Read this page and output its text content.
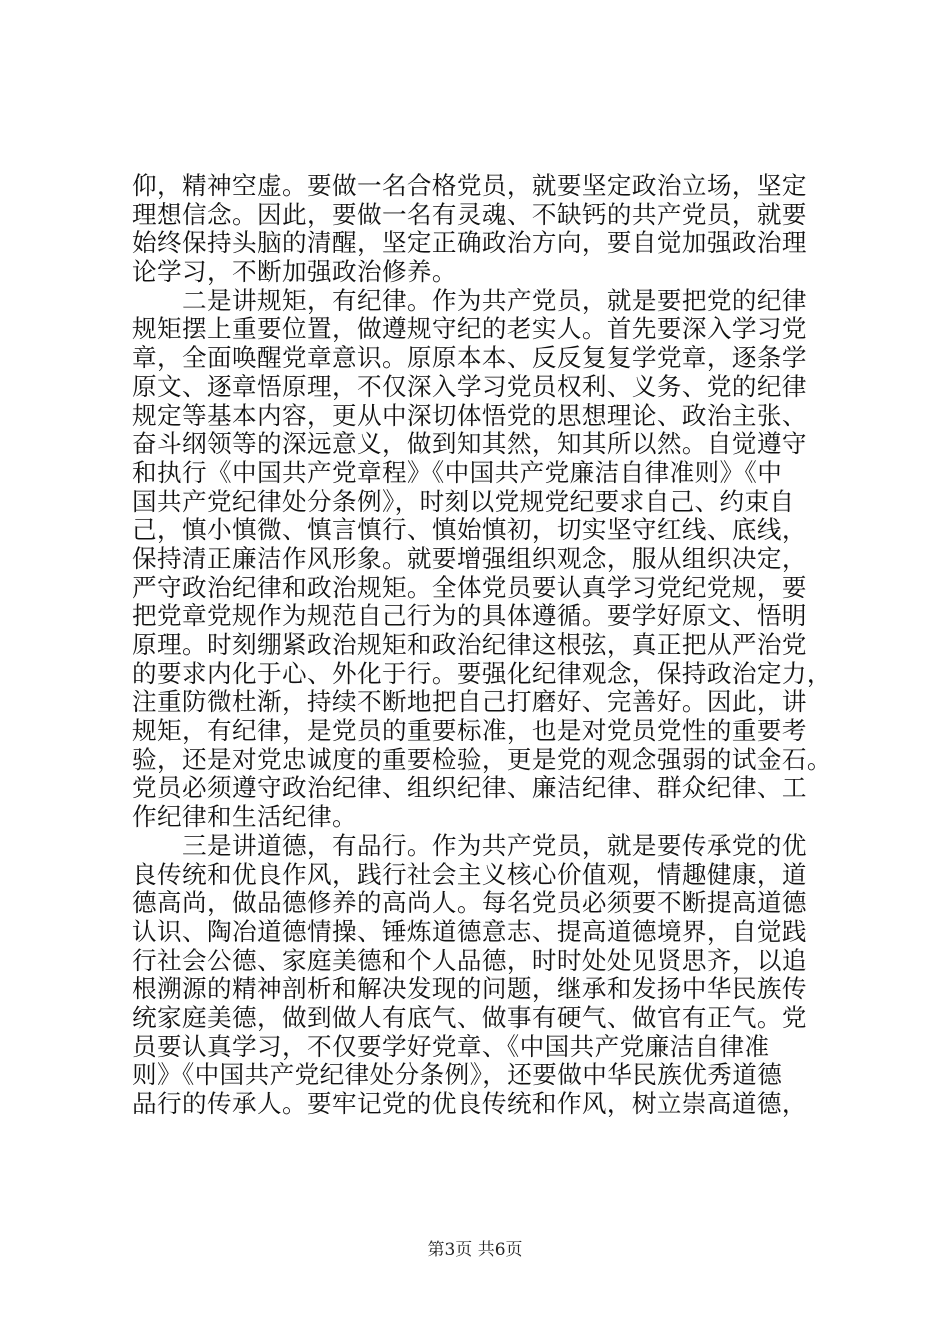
仰，精神空虚。要做一名合格党员，就要坚定政治立场，坚定
理想信念。因此，要做一名有灵魂、不缺钙的共产党员，就要
始终保持头脑的清醒，坚定正确政治方向，要自觉加强政治理
论学习，不断加强政治修养。
　　二是讲规矩，有纪律。作为共产党员，就是要把党的纪律
规矩摆上重要位置，做遵规守纪的老实人。首先要深入学习党
章，全面唤醒党章意识。原原本本、反反复复学党章，逐条学
原文、逐章悟原理，不仅深入学习党员权利、义务、党的纪律
规定等基本内容，更从中深切体悟党的思想理论、政治主张、
奋斗纲领等的深远意义，做到知其然，知其所以然。自觉遵守
和执行《中国共产党章程》《中国共产党廉洁自律准则》《中
国共产党纪律处分条例》，时刻以党规党纪要求自己、约束自
己，慎小慎微、慎言慎行、慎始慎初，切实坚守红线、底线，
保持清正廉洁作风形象。就要增强组织观念，服从组织决定，
严守政治纪律和政治规矩。全体党员要认真学习党纪党规，要
把党章党规作为规范自己行为的具体遵循。要学好原文、悟明
原理。时刻绷紧政治规矩和政治纪律这根弦，真正把从严治党
的要求内化于心、外化于行。要强化纪律观念，保持政治定力，
注重防微杜渐，持续不断地把自己打磨好、完善好。因此，讲
规矩，有纪律，是党员的重要标准，也是对党员党性的重要考
验，还是对党忠诚度的重要检验，更是党的观念强弱的试金石。
党员必须遵守政治纪律、组织纪律、廉洁纪律、群众纪律、工
作纪律和生活纪律。
　　三是讲道德，有品行。作为共产党员，就是要传承党的优
良传统和优良作风，践行社会主义核心价值观，情趣健康，道
德高尚，做品德修养的高尚人。每名党员必须要不断提高道德
认识、陶冶道德情操、锤炼道德意志、提高道德境界，自觉践
行社会公德、家庭美德和个人品德，时时处处见贤思齐，以追
根溯源的精神剖析和解决发现的问题，继承和发扬中华民族传
统家庭美德，做到做人有底气、做事有硬气、做官有正气。党
员要认真学习，不仅要学好党章、《中国共产党廉洁自律准
则》《中国共产党纪律处分条例》，还要做中华民族优秀道德
品行的传承人。要牢记党的优良传统和作风，树立崇高道德，
第3页 共6页
